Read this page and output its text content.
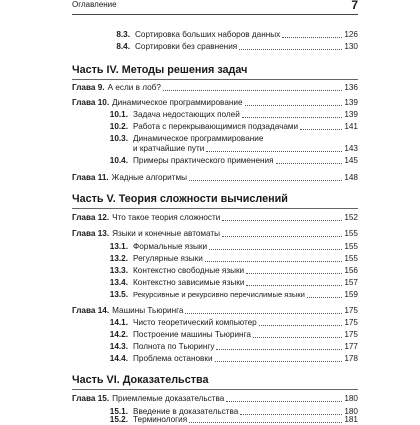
Оглавление	7
8.3. Сортировка больших наборов данных	126
8.4. Сортировки без сравнения	130
Часть IV. Методы решения задач
Глава 9. А если в лоб?	136
Глава 10. Динамическое программирование	139
10.1. Задача недостающих полей	139
10.2. Работа с перекрывающимися подзадачами	141
10.3. Динамическое программирование
и кратчайшие пути	143
10.4. Примеры практического применения	145
Глава 11. Жадные алгоритмы	148
Часть V. Теория сложности вычислений
Глава 12. Что такое теория сложности	152
Глава 13. Языки и конечные автоматы	155
13.1. Формальные языки	155
13.2. Регулярные языки	155
13.3. Контекстно свободные языки	156
13.4. Контекстно зависимые языки	157
13.5. Рекурсивные и рекурсивно перечислимые языки	159
Глава 14. Машины Тьюринга	175
14.1. Чисто теоретический компьютер	175
14.2. Построение машины Тьюринга	175
14.3. Полнота по Тьюрингу	177
14.4. Проблема остановки	178
Часть VI. Доказательства
Глава 15. Приемлемые доказательства	180
15.1. Введение в доказательства	180
15.2. Терминология	181
